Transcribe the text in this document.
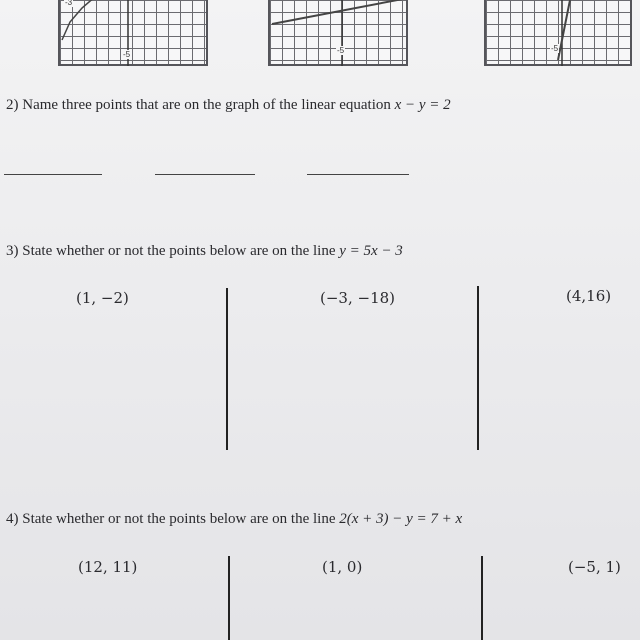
-3
-5	-5	-5
2) Name three points that are on the graph of the linear equation x − y = 2
3) State whether or not the points below are on the line y = 5x − 3
(1, −2)	(−3, −18)	(4,16)
4) State whether or not the points below are on the line 2(x + 3) − y = 7 + x
(12, 11)	(1, 0)	(−5, 1)
